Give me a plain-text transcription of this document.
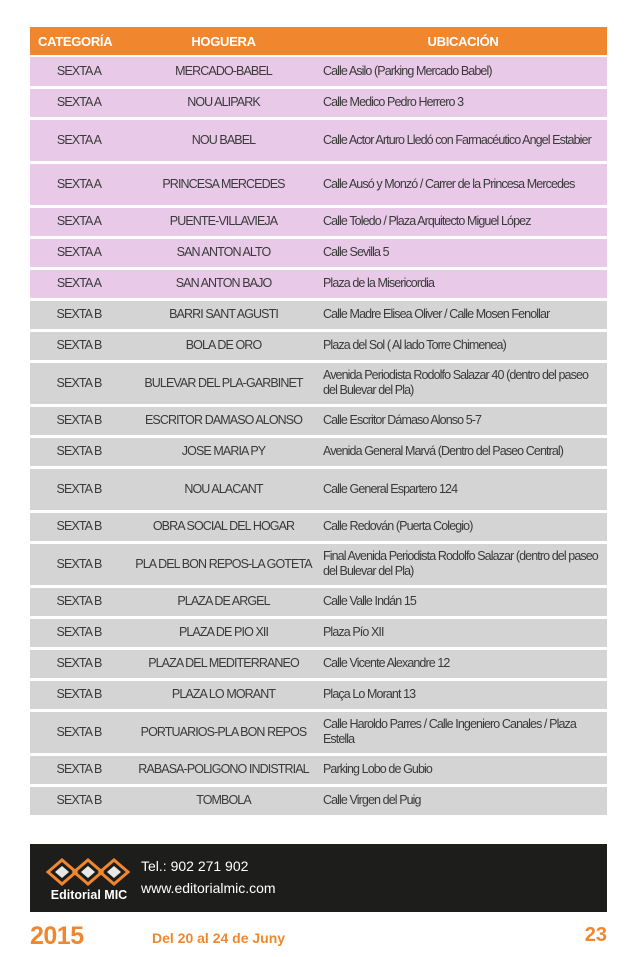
CATEGORÍA	HOGUERA	UBICACIÓN
SEXTA A	MERCADO-BABEL	Calle Asilo (Parking Mercado Babel)
SEXTA A	NOU ALIPARK	Calle Medico Pedro Herrero 3
SEXTA A	NOU BABEL	Calle Actor Arturo Lledó con Farmacéutico Angel Estabier
SEXTA A	PRINCESA MERCEDES	Calle Ausó y Monzó / Carrer de la Princesa Mercedes
SEXTA A	PUENTE-VILLAVIEJA	Calle Toledo / Plaza Arquitecto Miguel López
SEXTA A	SAN ANTON ALTO	Calle Sevilla 5
SEXTA A	SAN ANTON BAJO	Plaza de la Misericordia
SEXTA B	BARRI SANT AGUSTI	Calle Madre Elisea Oliver / Calle Mosen Fenollar
SEXTA B	BOLA DE ORO	Plaza del Sol ( Al lado Torre Chimenea)
SEXTA B	BULEVAR DEL PLA-GARBINET	Avenida Periodista Rodolfo Salazar 40 (dentro del paseo del Bulevar del Pla)
SEXTA B	ESCRITOR DAMASO ALONSO	Calle Escritor Dámaso Alonso 5-7
SEXTA B	JOSE MARIA PY	Avenida General Marvá (Dentro del Paseo Central)
SEXTA B	NOU ALACANT	Calle General Espartero 124
SEXTA B	OBRA SOCIAL DEL HOGAR	Calle Redován (Puerta Colegio)
SEXTA B	PLA DEL BON REPOS-LA GOTETA	Final Avenida Periodista Rodolfo Salazar (dentro del paseo del Bulevar del Pla)
SEXTA B	PLAZA DE ARGEL	Calle Valle Indán 15
SEXTA B	PLAZA DE PIO XII	Plaza Pío XII
SEXTA B	PLAZA DEL MEDITERRANEO	Calle Vicente Alexandre 12
SEXTA B	PLAZA LO MORANT	Plaça Lo Morant 13
SEXTA B	PORTUARIOS-PLA BON REPOS	Calle Haroldo Parres / Calle Ingeniero Canales / Plaza Estella
SEXTA B	RABASA-POLIGONO INDISTRIAL	Parking Lobo de Gubio
SEXTA B	TOMBOLA	Calle Virgen del Puig
Editorial MIC
Tel.: 902 271 902
www.editorialmic.com
2015	Del 20 al 24 de Juny	23
